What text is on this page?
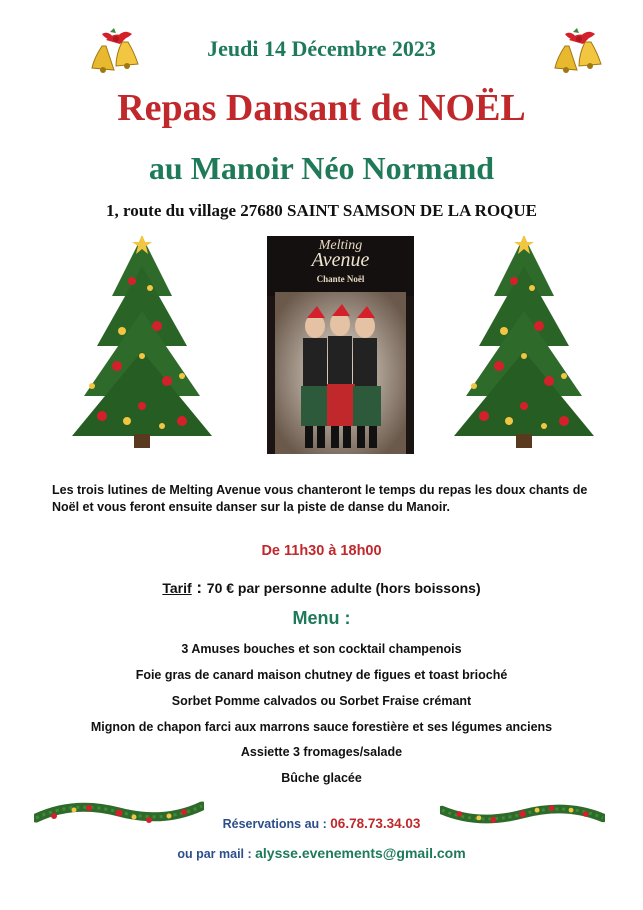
Jeudi 14 Décembre 2023
Repas Dansant de NOËL
au Manoir Néo Normand
1, route du village 27680 SAINT SAMSON DE LA ROQUE
Melting
Avenue
Chante Noël
Les trois lutines de Melting Avenue vous chanteront le temps du repas les doux chants de Noël et vous feront ensuite danser sur la piste de danse du Manoir.
De 11h30 à 18h00
Tarif : 70 € par personne adulte (hors boissons)
Menu :
3 Amuses bouches et son cocktail champenois
Foie gras de canard maison chutney de figues et toast brioché
Sorbet Pomme calvados ou Sorbet Fraise crémant
Mignon de chapon farci aux marrons sauce forestière et ses légumes anciens
Assiette 3 fromages/salade
Bûche glacée
Réservations au : 06.78.73.34.03
ou par mail : alysse.evenements@gmail.com
